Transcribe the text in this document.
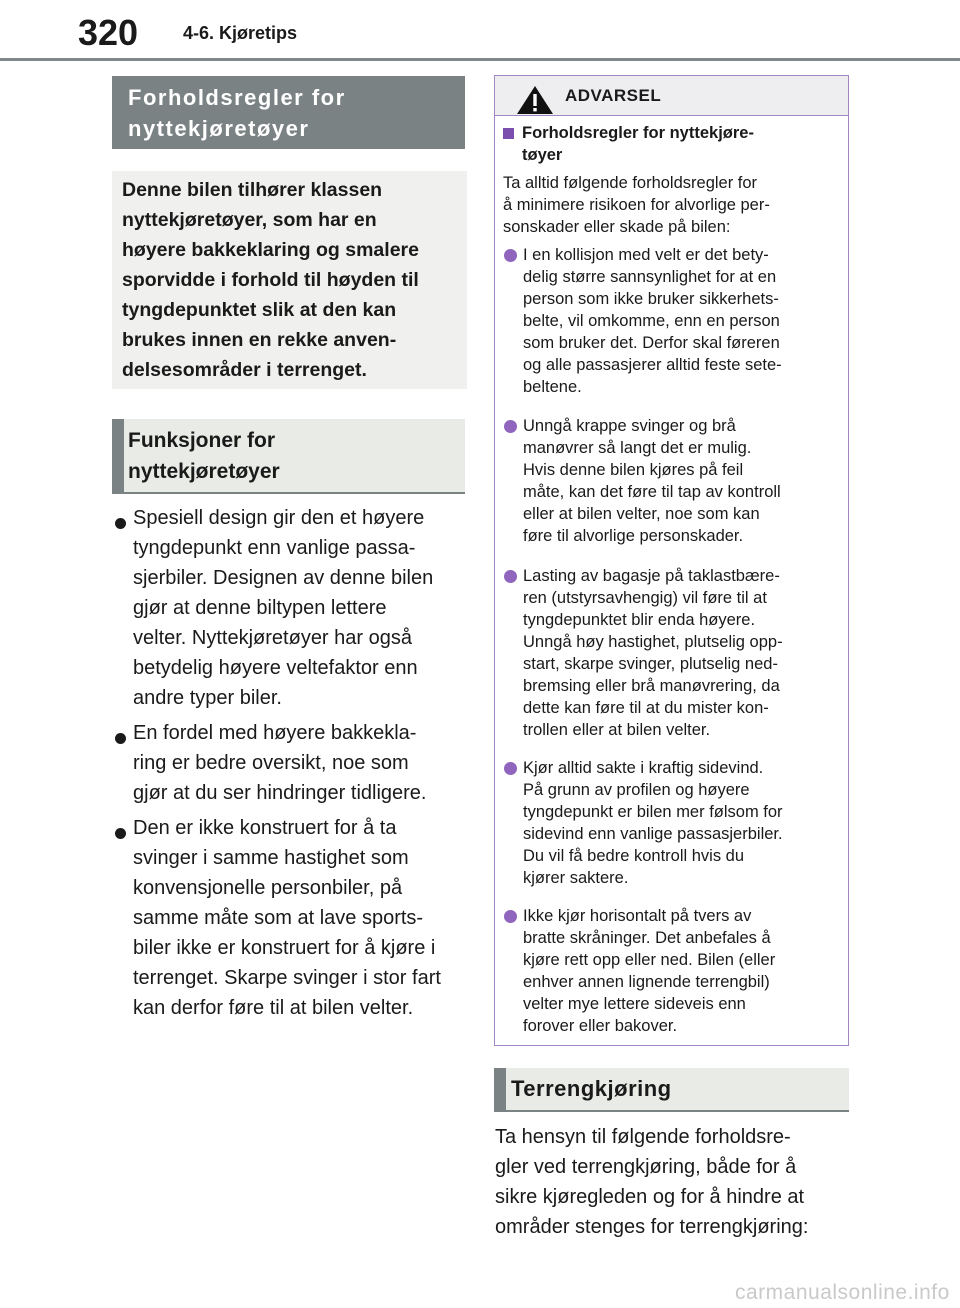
320 4-6. Kjøretips
Forholdsregler for
nyttekjøretøyer
Denne bilen tilhører klassen
nyttekjøretøyer, som har en
høyere bakkeklaring og smalere
sporvidde i forhold til høyden til
tyngdepunktet slik at den kan
brukes innen en rekke anven-
delsesområder i terrenget.
Funksjoner for
nyttekjøretøyer
Spesiell design gir den et høyere
tyngdepunkt enn vanlige passa-
sjerbiler. Designen av denne bilen
gjør at denne biltypen lettere
velter. Nyttekjøretøyer har også
betydelig høyere veltefaktor enn
andre typer biler.
En fordel med høyere bakkekla-
ring er bedre oversikt, noe som
gjør at du ser hindringer tidligere.
Den er ikke konstruert for å ta
svinger i samme hastighet som
konvensjonelle personbiler, på
samme måte som at lave sports-
biler ikke er konstruert for å kjøre i
terrenget. Skarpe svinger i stor fart
kan derfor føre til at bilen velter.
ADVARSEL
Forholdsregler for nyttekjøre-
tøyer
Ta alltid følgende forholdsregler for
å minimere risikoen for alvorlige per-
sonskader eller skade på bilen:
I en kollisjon med velt er det bety-
delig større sannsynlighet for at en
person som ikke bruker sikkerhets-
belte, vil omkomme, enn en person
som bruker det. Derfor skal føreren
og alle passasjerer alltid feste sete-
beltene.
Unngå krappe svinger og brå
manøvrer så langt det er mulig.
Hvis denne bilen kjøres på feil
måte, kan det føre til tap av kontroll
eller at bilen velter, noe som kan
føre til alvorlige personskader.
Lasting av bagasje på taklastbære-
ren (utstyrsavhengig) vil føre til at
tyngdepunktet blir enda høyere.
Unngå høy hastighet, plutselig opp-
start, skarpe svinger, plutselig ned-
bremsing eller brå manøvrering, da
dette kan føre til at du mister kon-
trollen eller at bilen velter.
Kjør alltid sakte i kraftig sidevind.
På grunn av profilen og høyere
tyngdepunkt er bilen mer følsom for
sidevind enn vanlige passasjerbiler.
Du vil få bedre kontroll hvis du
kjører saktere.
Ikke kjør horisontalt på tvers av
bratte skråninger. Det anbefales å
kjøre rett opp eller ned. Bilen (eller
enhver annen lignende terrengbil)
velter mye lettere sideveis enn
forover eller bakover.
Terrengkjøring
Ta hensyn til følgende forholdsre-
gler ved terrengkjøring, både for å
sikre kjøregleden og for å hindre at
områder stenges for terrengkjøring:
carmanualsonline.info
